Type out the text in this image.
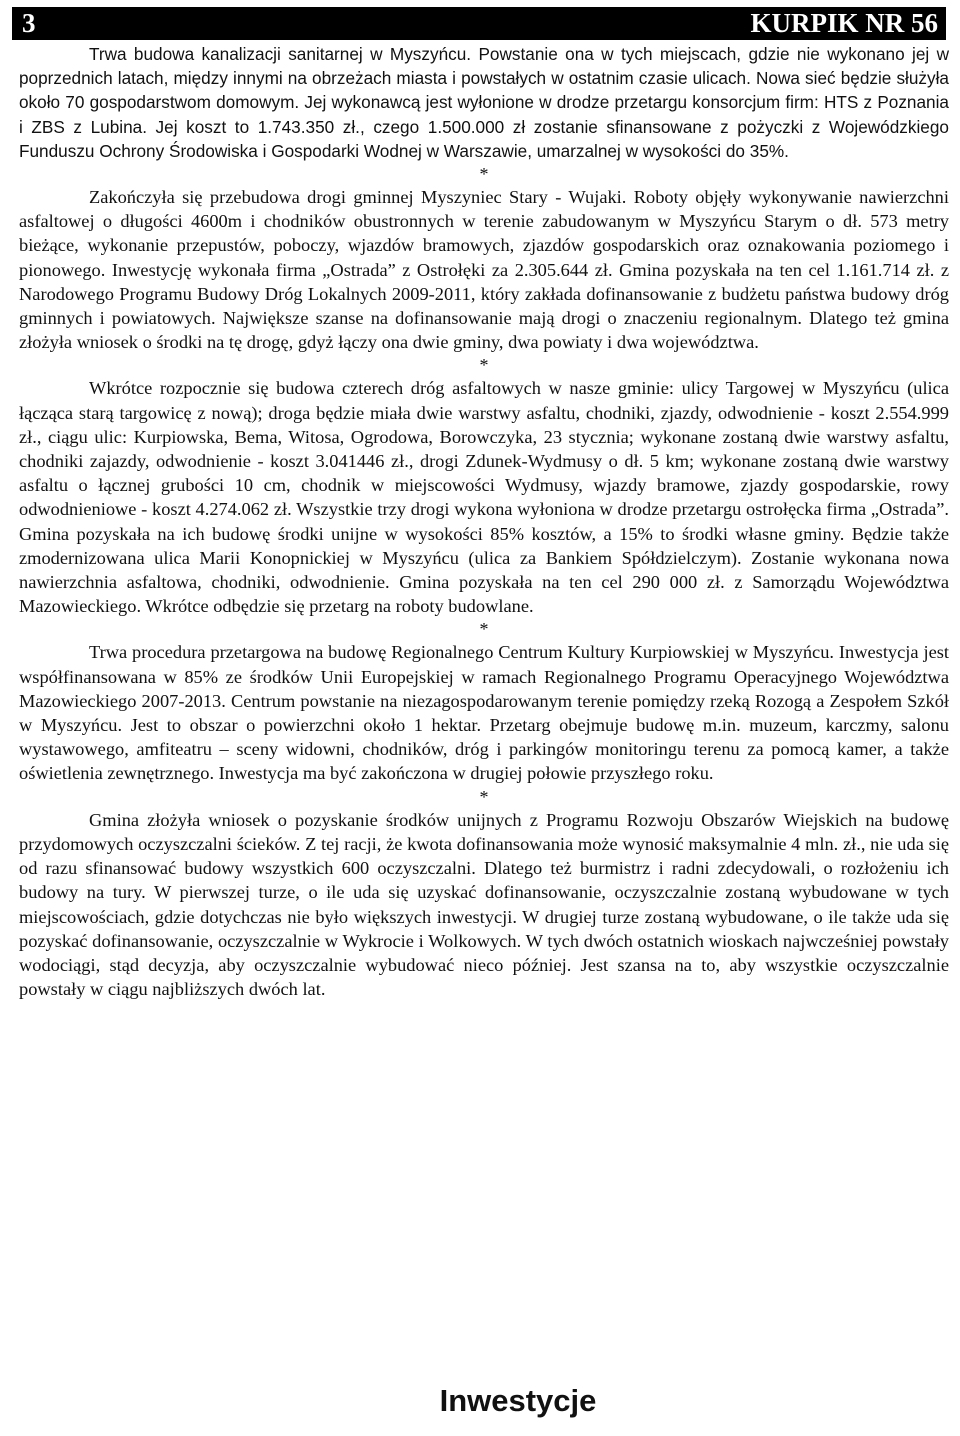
3	KURPIK NR 56

Trwa budowa kanalizacji sanitarnej w Myszyńcu. Powstanie ona w tych miejscach, gdzie nie wykonano jej w poprzednich latach, między innymi na obrzeżach miasta i powstałych w ostatnim czasie ulicach. Nowa sieć będzie służyła około 70 gospodarstwom domowym. Jej wykonawcą jest wyłonione w drodze przetargu konsorcjum firm: HTS z Poznania i ZBS z Lubina. Jej koszt to 1.743.350 zł., czego 1.500.000 zł zostanie sfinansowane z pożyczki z Wojewódzkiego Funduszu Ochrony Środowiska i Gospodarki Wodnej w Warszawie, umarzalnej w wysokości do 35%.

*

Zakończyła się przebudowa drogi gminnej Myszyniec Stary - Wujaki. Roboty objęły wykonywanie nawierzchni asfaltowej o długości 4600m i chodników obustronnych w terenie zabudowanym w Myszyńcu Starym o dł. 573 metry bieżące, wykonanie przepustów, poboczy, wjazdów bramowych, zjazdów gospodarskich oraz oznakowania poziomego i pionowego. Inwestycję wykonała firma „Ostrada” z Ostrołęki za 2.305.644 zł. Gmina pozyskała na ten cel 1.161.714 zł. z Narodowego Programu Budowy Dróg Lokalnych 2009-2011, który zakłada dofinansowanie z budżetu państwa budowy dróg gminnych i powiatowych. Największe szanse na dofinansowanie mają drogi o znaczeniu regionalnym. Dlatego też gmina złożyła wniosek o środki na tę drogę, gdyż łączy ona dwie gminy, dwa powiaty i dwa województwa.

*

Wkrótce rozpocznie się budowa czterech dróg asfaltowych w nasze gminie: ulicy Targowej w Myszyńcu (ulica łącząca starą targowicę z nową); droga będzie miała dwie warstwy asfaltu, chodniki, zjazdy, odwodnienie - koszt 2.554.999 zł., ciągu ulic: Kurpiowska, Bema, Witosa, Ogrodowa, Borowczyka, 23 stycznia; wykonane zostaną dwie warstwy asfaltu, chodniki zajazdy, odwodnienie - koszt 3.041446 zł., drogi Zdunek-Wydmusy o dł. 5 km; wykonane zostaną dwie warstwy asfaltu o łącznej grubości 10 cm, chodnik w miejscowości Wydmusy, wjazdy bramowe, zjazdy gospodarskie, rowy odwodnieniowe - koszt 4.274.062 zł. Wszystkie trzy drogi wykona wyłoniona w drodze przetargu ostrołęcka firma „Ostrada”. Gmina pozyskała na ich budowę środki unijne w wysokości 85% kosztów, a 15% to środki własne gminy. Będzie także zmodernizowana ulica Marii Konopnickiej w Myszyńcu (ulica za Bankiem Spółdzielczym). Zostanie wykonana nowa nawierzchnia asfaltowa, chodniki, odwodnienie. Gmina pozyskała na ten cel 290 000 zł. z Samorządu Województwa Mazowieckiego. Wkrótce odbędzie się przetarg na roboty budowlane.

*

Trwa procedura przetargowa na budowę Regionalnego Centrum Kultury Kurpiowskiej w Myszyńcu. Inwestycja jest współfinansowana w 85% ze środków Unii Europejskiej w ramach Regionalnego Programu Operacyjnego Województwa Mazowieckiego 2007-2013. Centrum powstanie na niezagospodarowanym terenie pomiędzy rzeką Rozogą a Zespołem Szkół w Myszyńcu. Jest to obszar o powierzchni około 1 hektar. Przetarg obejmuje budowę m.in. muzeum, karczmy, salonu wystawowego, amfiteatru – sceny widowni, chodników, dróg i parkingów monitoringu terenu za pomocą kamer, a także oświetlenia zewnętrznego. Inwestycja ma być zakończona w drugiej połowie przyszłego roku.

*

Gmina złożyła wniosek o pozyskanie środków unijnych z Programu Rozwoju Obszarów Wiejskich na budowę przydomowych oczyszczalni ścieków. Z tej racji, że kwota dofinansowania może wynosić maksymalnie 4 mln. zł., nie uda się od razu sfinansować budowy wszystkich 600 oczyszczalni. Dlatego też burmistrz i radni zdecydowali, o rozłożeniu ich budowy na tury. W pierwszej turze, o ile uda się uzyskać dofinansowanie, oczyszczalnie zostaną wybudowane w tych miejscowościach, gdzie dotychczas nie było większych inwestycji. W drugiej turze zostaną wybudowane, o ile także uda się pozyskać dofinansowanie, oczyszczalnie w Wykrocie i Wolkowych. W tych dwóch ostatnich wioskach najwcześniej powstały wodociągi, stąd decyzja, aby oczyszczalnie wybudować nieco później. Jest szansa na to, aby wszystkie oczyszczalnie powstały w ciągu najbliższych dwóch lat.

Inwestycje
